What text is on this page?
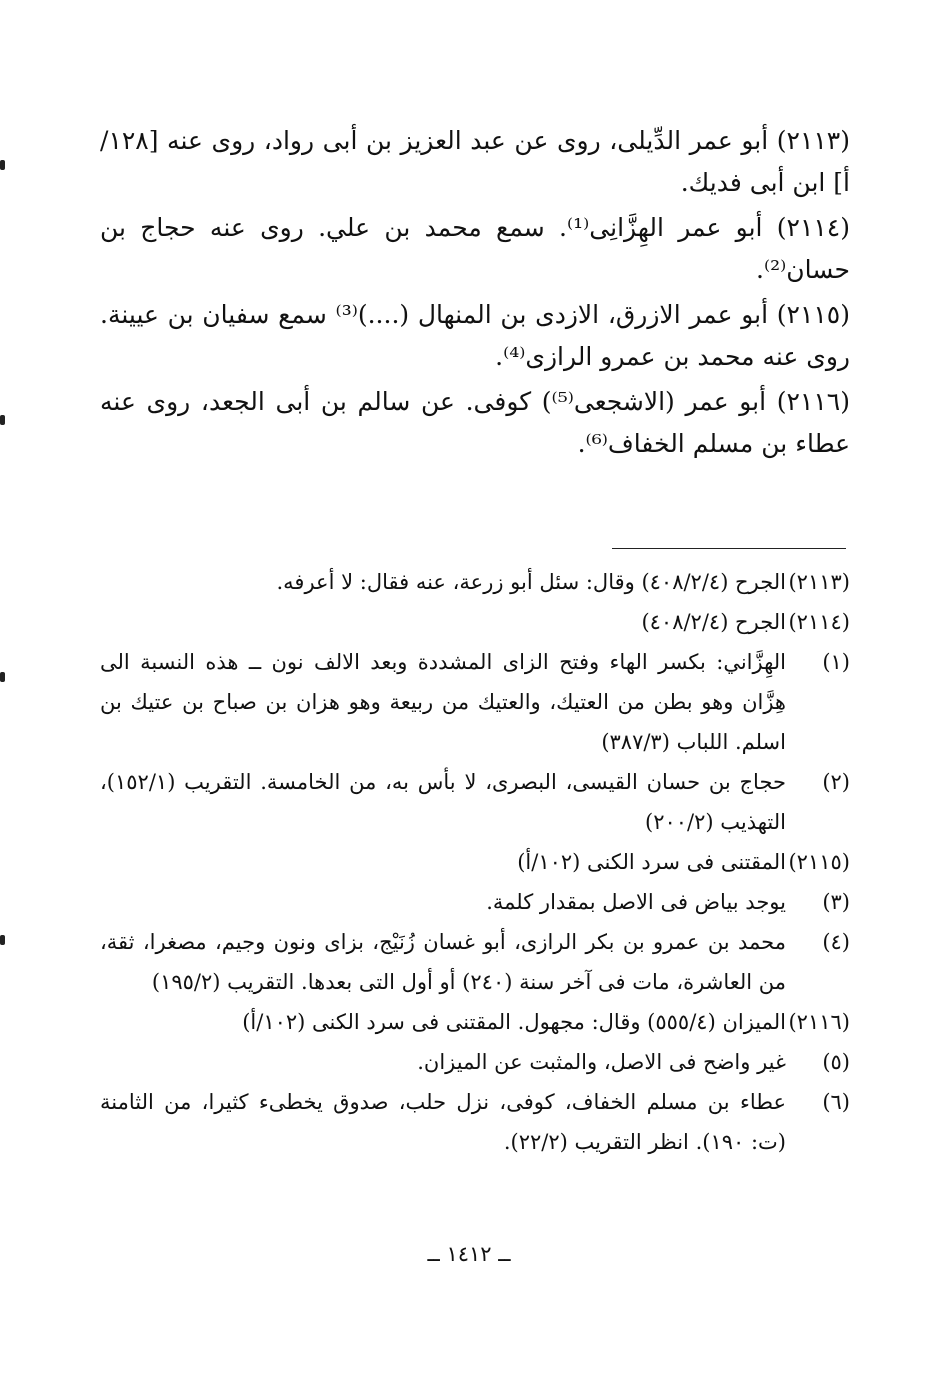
(٢١١٣) أبو عمر الدِّيلى، روى عن عبد العزيز بن أبى رواد، روى عنه [١٢٨/أ] ابن أبى فديك.

(٢١١٤) أبو عمر الهِزَّانِى⁽¹⁾. سمع محمد بن علي. روى عنه حجاج بن حسان⁽²⁾.

(٢١١٥) أبو عمر الازرق، الازدى بن المنهال (....)⁽³⁾ سمع سفيان بن عيينة. روى عنه محمد بن عمرو الرازى⁽⁴⁾.

(٢١١٦) أبو عمر (الاشجعى⁽⁵⁾) كوفى. عن سالم بن أبى الجعد، روى عنه عطاء بن مسلم الخفاف⁽⁶⁾.

(٢١١٣)
الجرح (٤٠٨/٢/٤) وقال: سئل أبو زرعة، عنه فقال: لا أعرفه.
(٢١١٤)
الجرح (٤٠٨/٢/٤)
(١)
الهِزَّاني: بكسر الهاء وفتح الزاى المشددة وبعد الالف نون ــ هذه النسبة الى هِزَّان وهو بطن من العتيك، والعتيك من ربيعة وهو هزان بن صباح بن عتيك بن اسلم. اللباب (٣٨٧/٣)
(٢)
حجاج بن حسان القيسى، البصرى، لا بأس به، من الخامسة. التقريب (١٥٢/١)، التهذيب (٢٠٠/٢)
(٢١١٥)
المقتنى فى سرد الكنى (١٠٢/أ)
(٣)
يوجد بياض فى الاصل بمقدار كلمة.
(٤)
محمد بن عمرو بن بكر الرازى، أبو غسان زُنَيْج، بزاى ونون وجيم، مصغرا، ثقة، من العاشرة، مات فى آخر سنة (٢٤٠) أو أول التى بعدها. التقريب (١٩٥/٢)
(٢١١٦)
الميزان (٥٥٥/٤) وقال: مجهول. المقتنى فى سرد الكنى (١٠٢/أ)
(٥)
غير واضح فى الاصل، والمثبت عن الميزان.
(٦)
عطاء بن مسلم الخفاف، كوفى، نزل حلب، صدوق يخطىء كثيرا، من الثامنة (ت: ١٩٠). انظر التقريب (٢٢/٢).
ــ ١٤١٢ ــ
